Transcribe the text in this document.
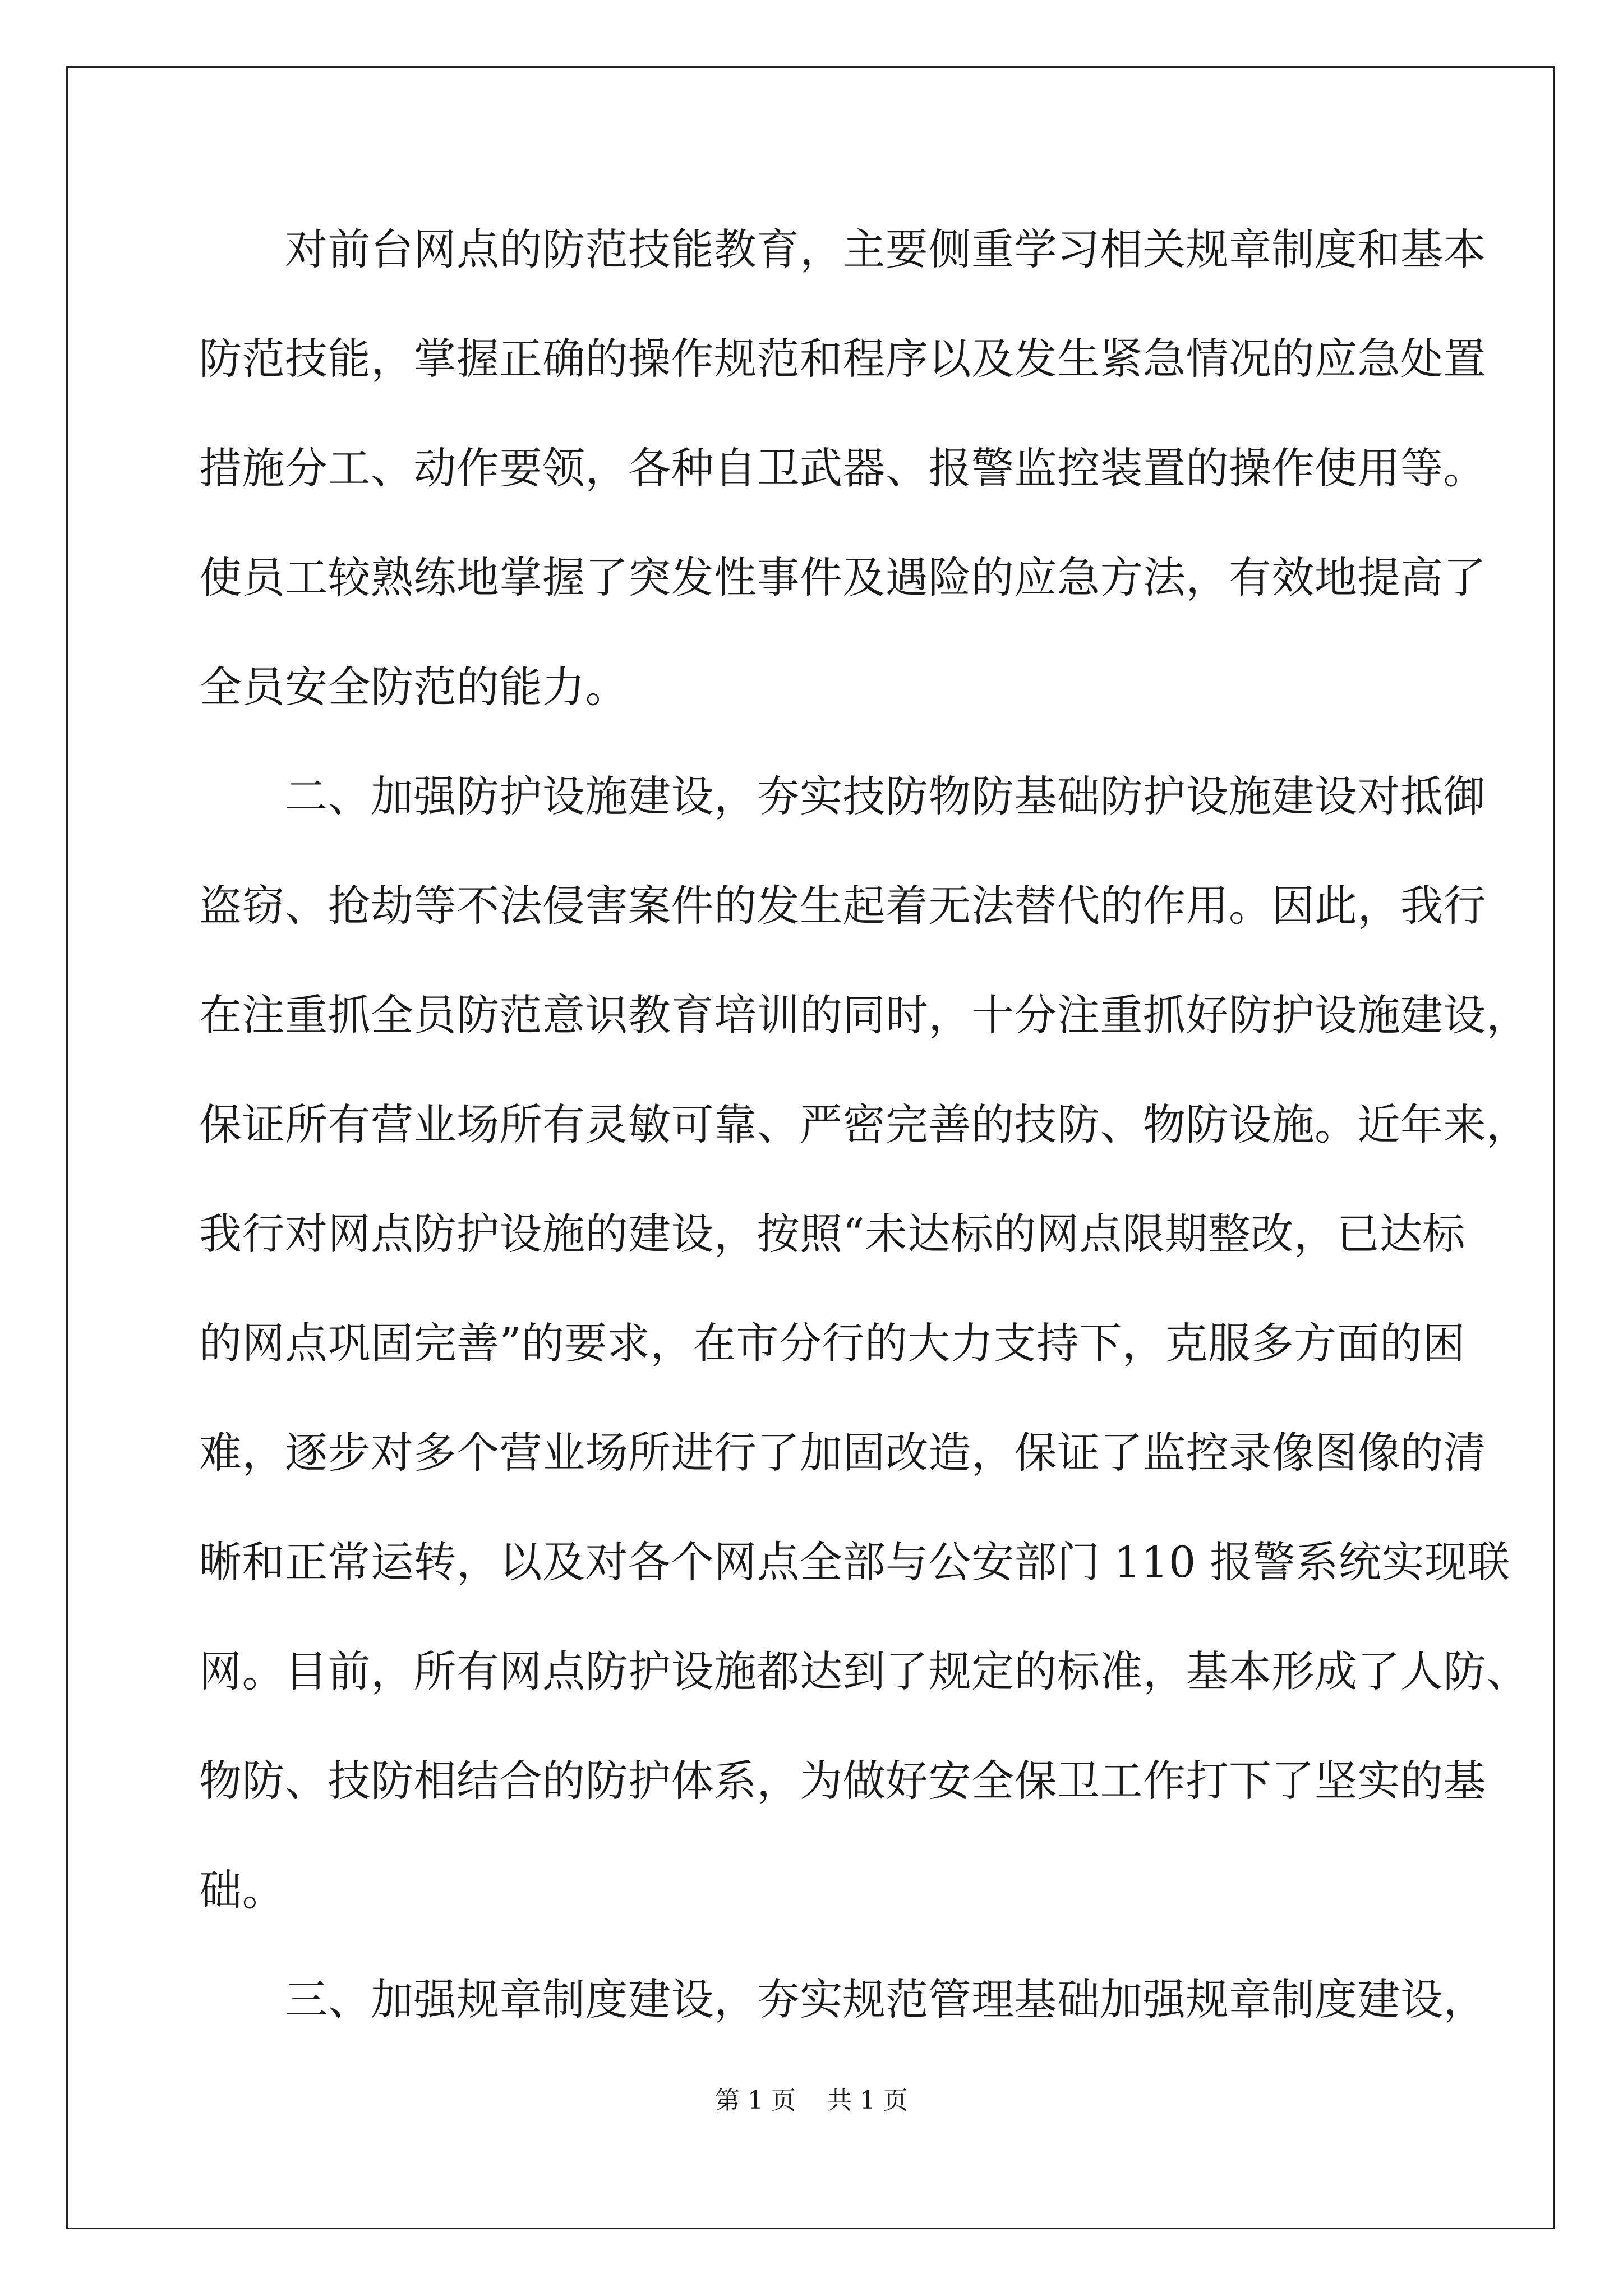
　　对前台网点的防范技能教育，主要侧重学习相关规章制度和基本
防范技能，掌握正确的操作规范和程序以及发生紧急情况的应急处置
措施分工、动作要领，各种自卫武器、报警监控装置的操作使用等。
使员工较熟练地掌握了突发性事件及遇险的应急方法，有效地提高了
全员安全防范的能力。
　　二、加强防护设施建设，夯实技防物防基础防护设施建设对抵御
盗窃、抢劫等不法侵害案件的发生起着无法替代的作用。因此，我行
在注重抓全员防范意识教育培训的同时，十分注重抓好防护设施建设，
保证所有营业场所有灵敏可靠、严密完善的技防、物防设施。近年来，
我行对网点防护设施的建设，按照“未达标的网点限期整改，已达标
的网点巩固完善”的要求，在市分行的大力支持下，克服多方面的困
难，逐步对多个营业场所进行了加固改造，保证了监控录像图像的清
晰和正常运转，以及对各个网点全部与公安部门 110 报警系统实现联
网。目前，所有网点防护设施都达到了规定的标准，基本形成了人防、
物防、技防相结合的防护体系，为做好安全保卫工作打下了坚实的基
础。
　　三、加强规章制度建设，夯实规范管理基础加强规章制度建设，
第 1 页    共 1 页
